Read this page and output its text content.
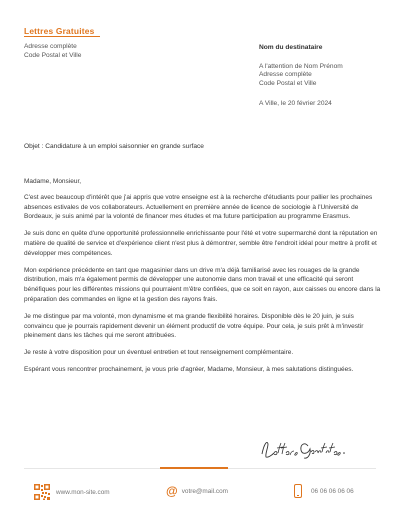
Lettres Gratuites
Adresse complète
Code Postal et Ville
Nom du destinataire
A l'attention de Nom Prénom
Adresse complète
Code Postal et Ville
A Ville, le 20 février 2024
Objet : Candidature à un emploi saisonnier en grande surface

Madame, Monsieur,

C'est avec beaucoup d'intérêt que j'ai appris que votre enseigne est à la recherche d'étudiants pour pallier les prochaines absences estivales de vos collaborateurs. Actuellement en première année de licence de sociologie à l'Université de Bordeaux, je suis animé par la volonté de financer mes études et ma future participation au programme Erasmus.

Je suis donc en quête d'une opportunité professionnelle enrichissante pour l'été et votre supermarché dont la réputation en matière de qualité de service et d'expérience client n'est plus à démontrer, semble être l'endroit idéal pour mettre à profit et développer mes compétences.

Mon expérience précédente en tant que magasinier dans un drive m'a déjà familiarisé avec les rouages de la grande distribution, mais m'a également permis de développer une autonomie dans mon travail et une efficacité qui seront bénéfiques pour les différentes missions qui pourraient m'être confiées, que ce soit en rayon, aux caisses ou encore dans la préparation des commandes en ligne et la gestion des rayons frais.

Je me distingue par ma volonté, mon dynamisme et ma grande flexibilité horaires. Disponible dès le 20 juin, je suis convaincu que je pourrais rapidement devenir un élément productif de votre équipe. Pour cela, je suis prêt à m'investir pleinement dans les tâches qui me seront attribuées.

Je reste à votre disposition pour un éventuel entretien et tout renseignement complémentaire.

Espérant vous rencontrer prochainement, je vous prie d'agréer, Madame, Monsieur, à mes salutations distinguées.

www.mon-site.com	@ votre@mail.com	06 06 06 06 06
